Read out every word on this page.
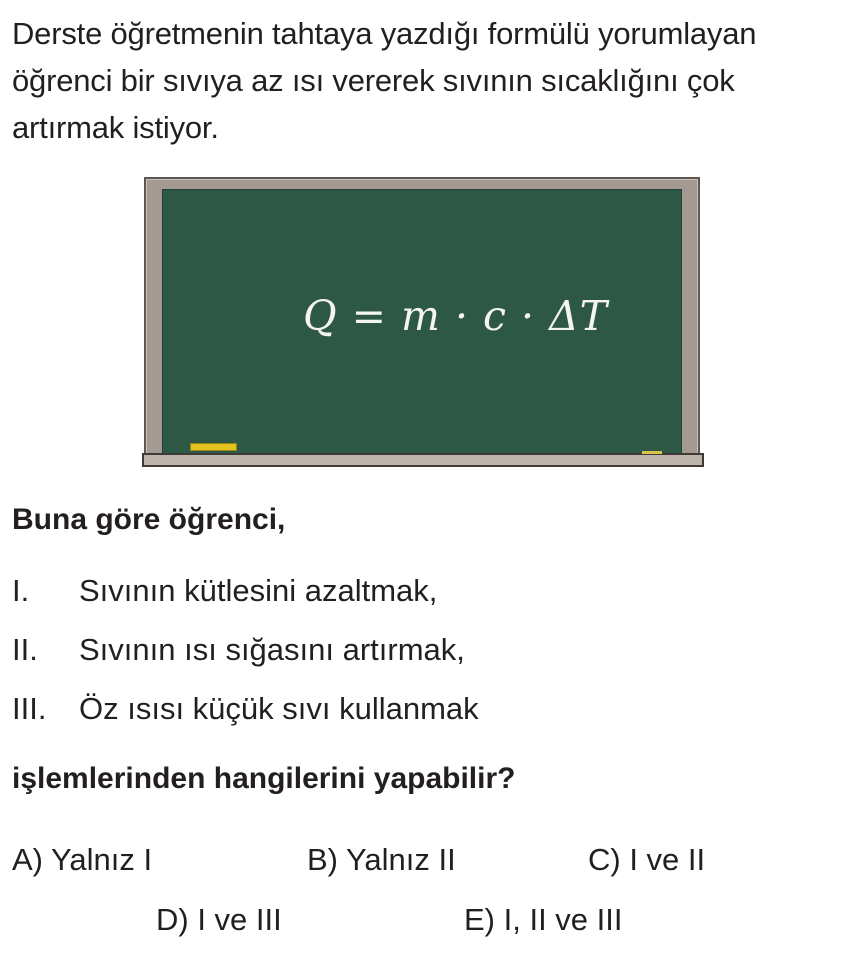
Derste öğretmenin tahtaya yazdığı formülü yorumlayan
öğrenci bir sıvıya az ısı vererek sıvının sıcaklığını çok
artırmak istiyor.
Q = m · c · ΔT
Buna göre öğrenci,
I. Sıvının kütlesini azaltmak,
II. Sıvının ısı sığasını artırmak,
III. Öz ısısı küçük sıvı kullanmak
işlemlerinden hangilerini yapabilir?
A) Yalnız I	B) Yalnız II	C) I ve II
D) I ve III	E) I, II ve III
